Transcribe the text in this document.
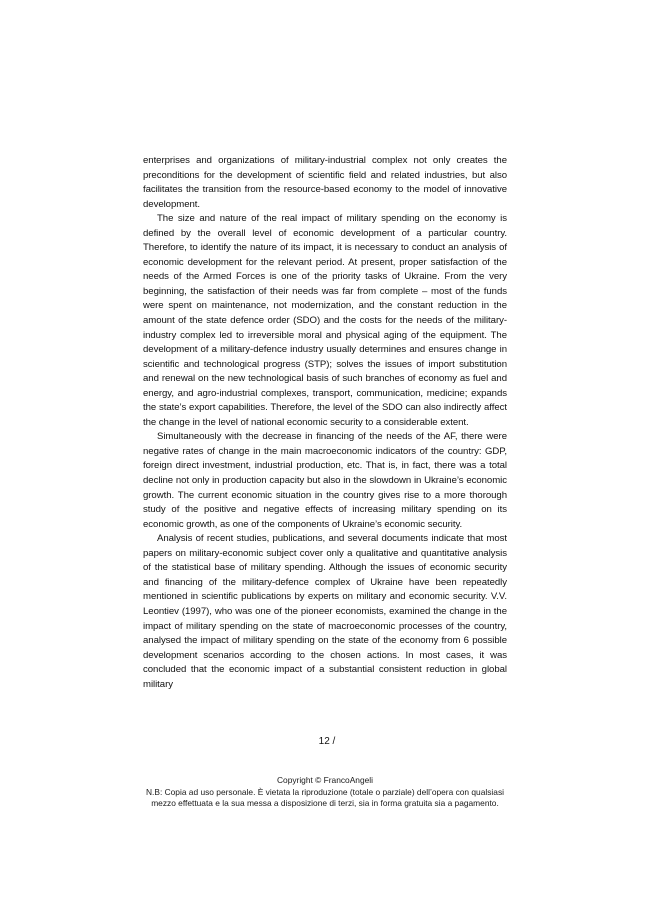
enterprises and organizations of military-industrial complex not only creates the preconditions for the development of scientific field and related industries, but also facilitates the transition from the resource-based economy to the model of innovative development.

The size and nature of the real impact of military spending on the economy is defined by the overall level of economic development of a particular country. Therefore, to identify the nature of its impact, it is necessary to conduct an analysis of economic development for the relevant period. At present, proper satisfaction of the needs of the Armed Forces is one of the priority tasks of Ukraine. From the very beginning, the satisfaction of their needs was far from complete – most of the funds were spent on maintenance, not modernization, and the constant reduction in the amount of the state defence order (SDO) and the costs for the needs of the military-industry complex led to irreversible moral and physical aging of the equipment. The development of a military-defence industry usually determines and ensures change in scientific and technological progress (STP); solves the issues of import substitution and renewal on the new technological basis of such branches of economy as fuel and energy, and agro-industrial complexes, transport, communication, medicine; expands the state’s export capabilities. Therefore, the level of the SDO can also indirectly affect the change in the level of national economic security to a considerable extent.

Simultaneously with the decrease in financing of the needs of the AF, there were negative rates of change in the main macroeconomic indicators of the country: GDP, foreign direct investment, industrial production, etc. That is, in fact, there was a total decline not only in production capacity but also in the slowdown in Ukraine’s economic growth. The current economic situation in the country gives rise to a more thorough study of the positive and negative effects of increasing military spending on its economic growth, as one of the components of Ukraine’s economic security.

Analysis of recent studies, publications, and several documents indicate that most papers on military-economic subject cover only a qualitative and quantitative analysis of the statistical base of military spending. Although the issues of economic security and financing of the military-defence complex of Ukraine have been repeatedly mentioned in scientific publications by experts on military and economic security. V.V. Leontiev (1997), who was one of the pioneer economists, examined the change in the impact of military spending on the state of macroeconomic processes of the country, analysed the impact of military spending on the state of the economy from 6 possible development scenarios according to the chosen actions. In most cases, it was concluded that the economic impact of a substantial consistent reduction in global military

12 /
Copyright © FrancoAngeli
N.B: Copia ad uso personale. È vietata la riproduzione (totale o parziale) dell’opera con qualsiasi
mezzo effettuata e la sua messa a disposizione di terzi, sia in forma gratuita sia a pagamento.
